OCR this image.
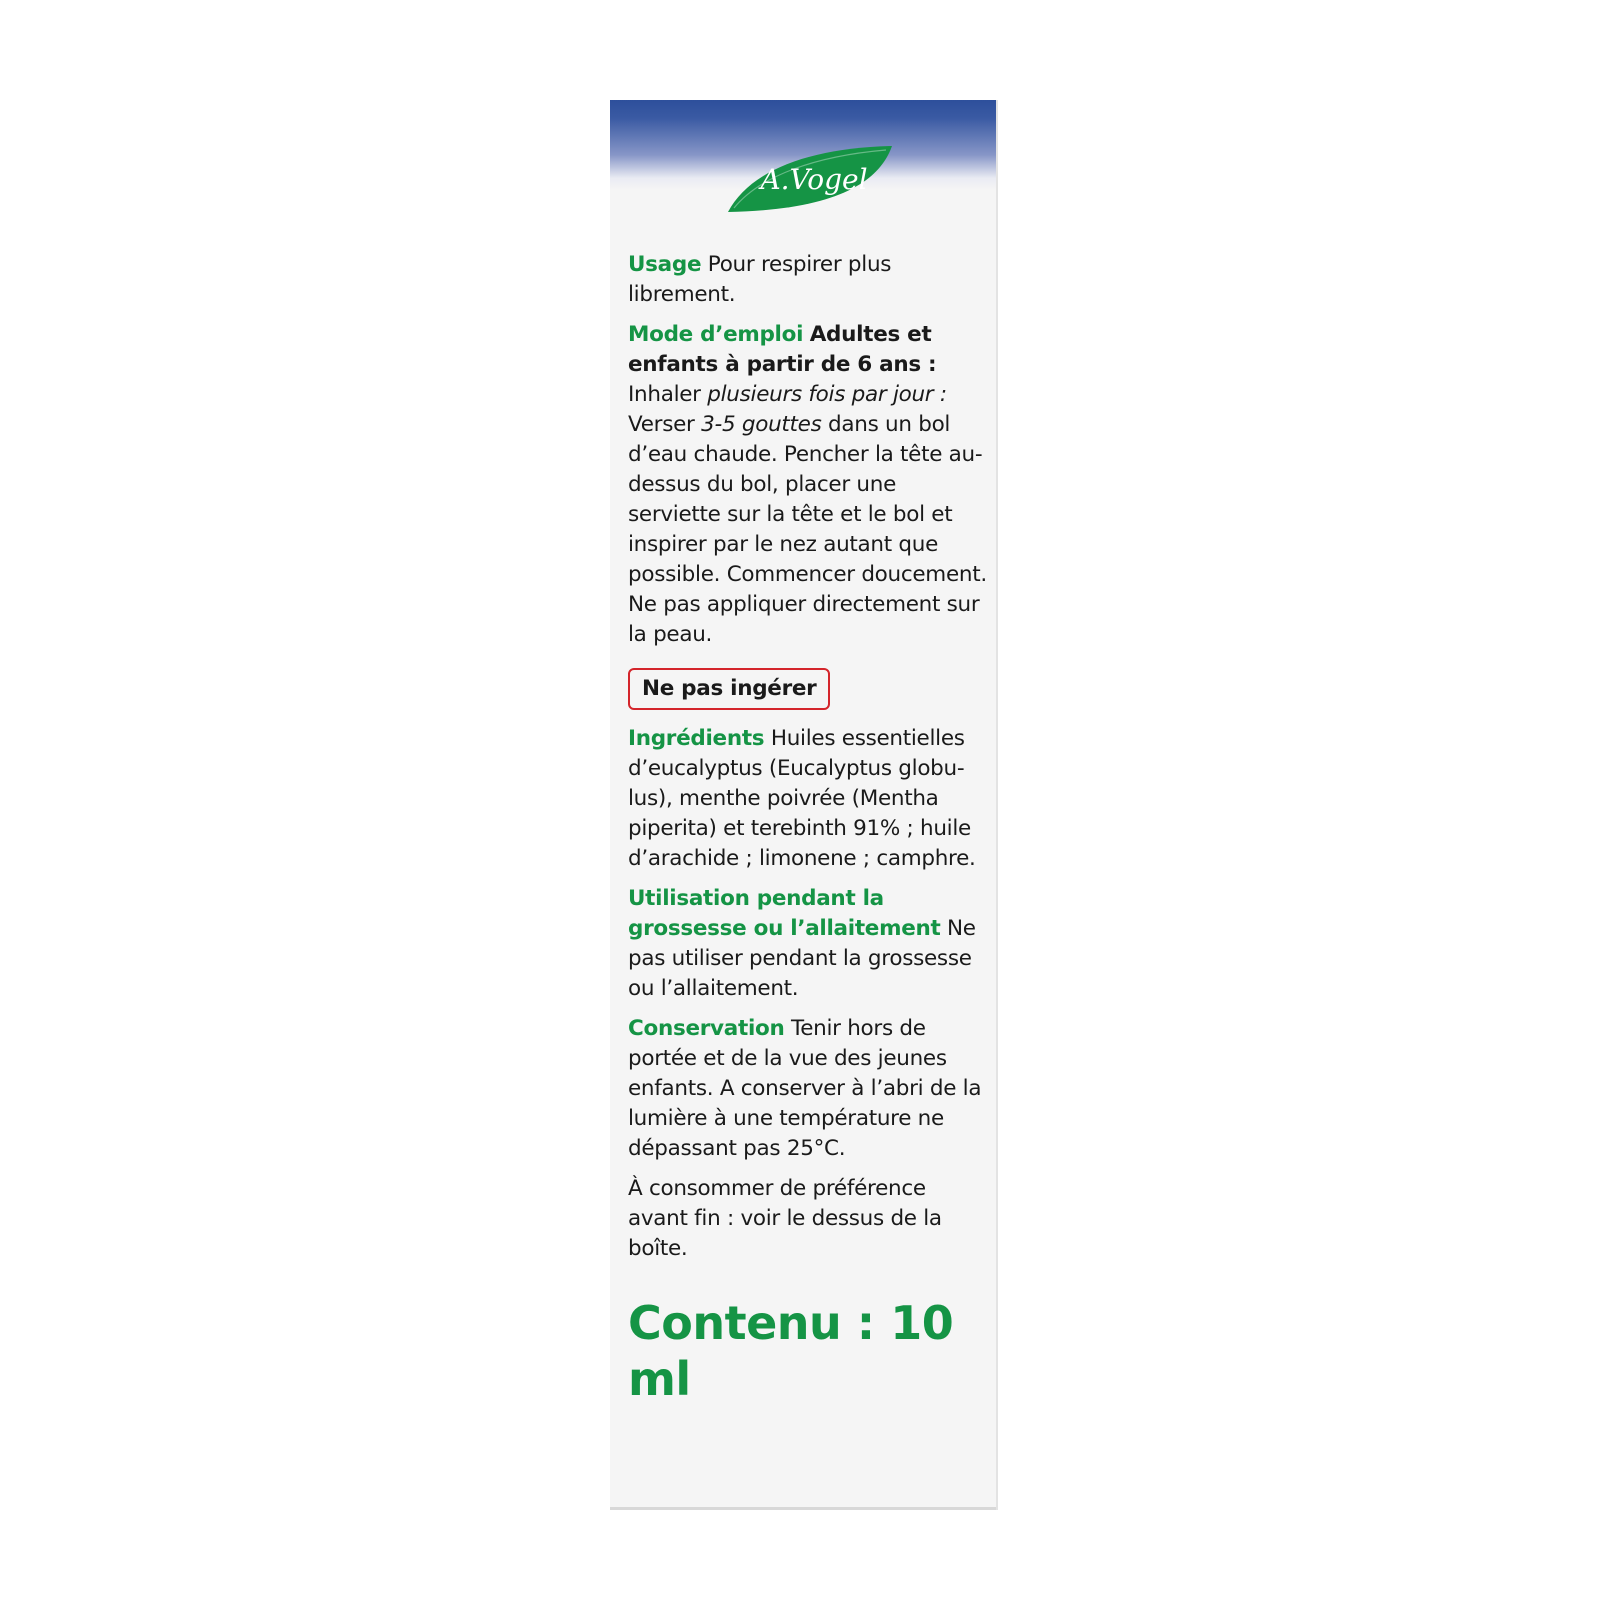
A.Vogel

Usage Pour respirer plus librement.

Mode d’emploi Adultes et enfants à partir de 6 ans : Inhaler plusieurs fois par jour : Verser 3-5 gouttes dans un bol d’eau chaude. Pencher la tête au-dessus du bol, placer une serviette sur la tête et le bol et inspirer par le nez autant que possible. Commencer doucement. Ne pas appliquer directement sur la peau.

Ne pas ingérer

Ingrédients Huiles essentielles d’eucalyptus (Eucalyptus globu-lus), menthe poivrée (Mentha piperita) et terebinth 91% ; huile d’arachide ; limonene ; camphre.

Utilisation pendant la grossesse ou l’allaitement Ne pas utiliser pendant la grossesse ou l’allaitement.

Conservation Tenir hors de portée et de la vue des jeunes enfants. A conserver à l’abri de la lumière à une température ne dépassant pas 25°C.

À consommer de préférence avant fin : voir le dessus de la boîte.

Contenu : 10 ml
